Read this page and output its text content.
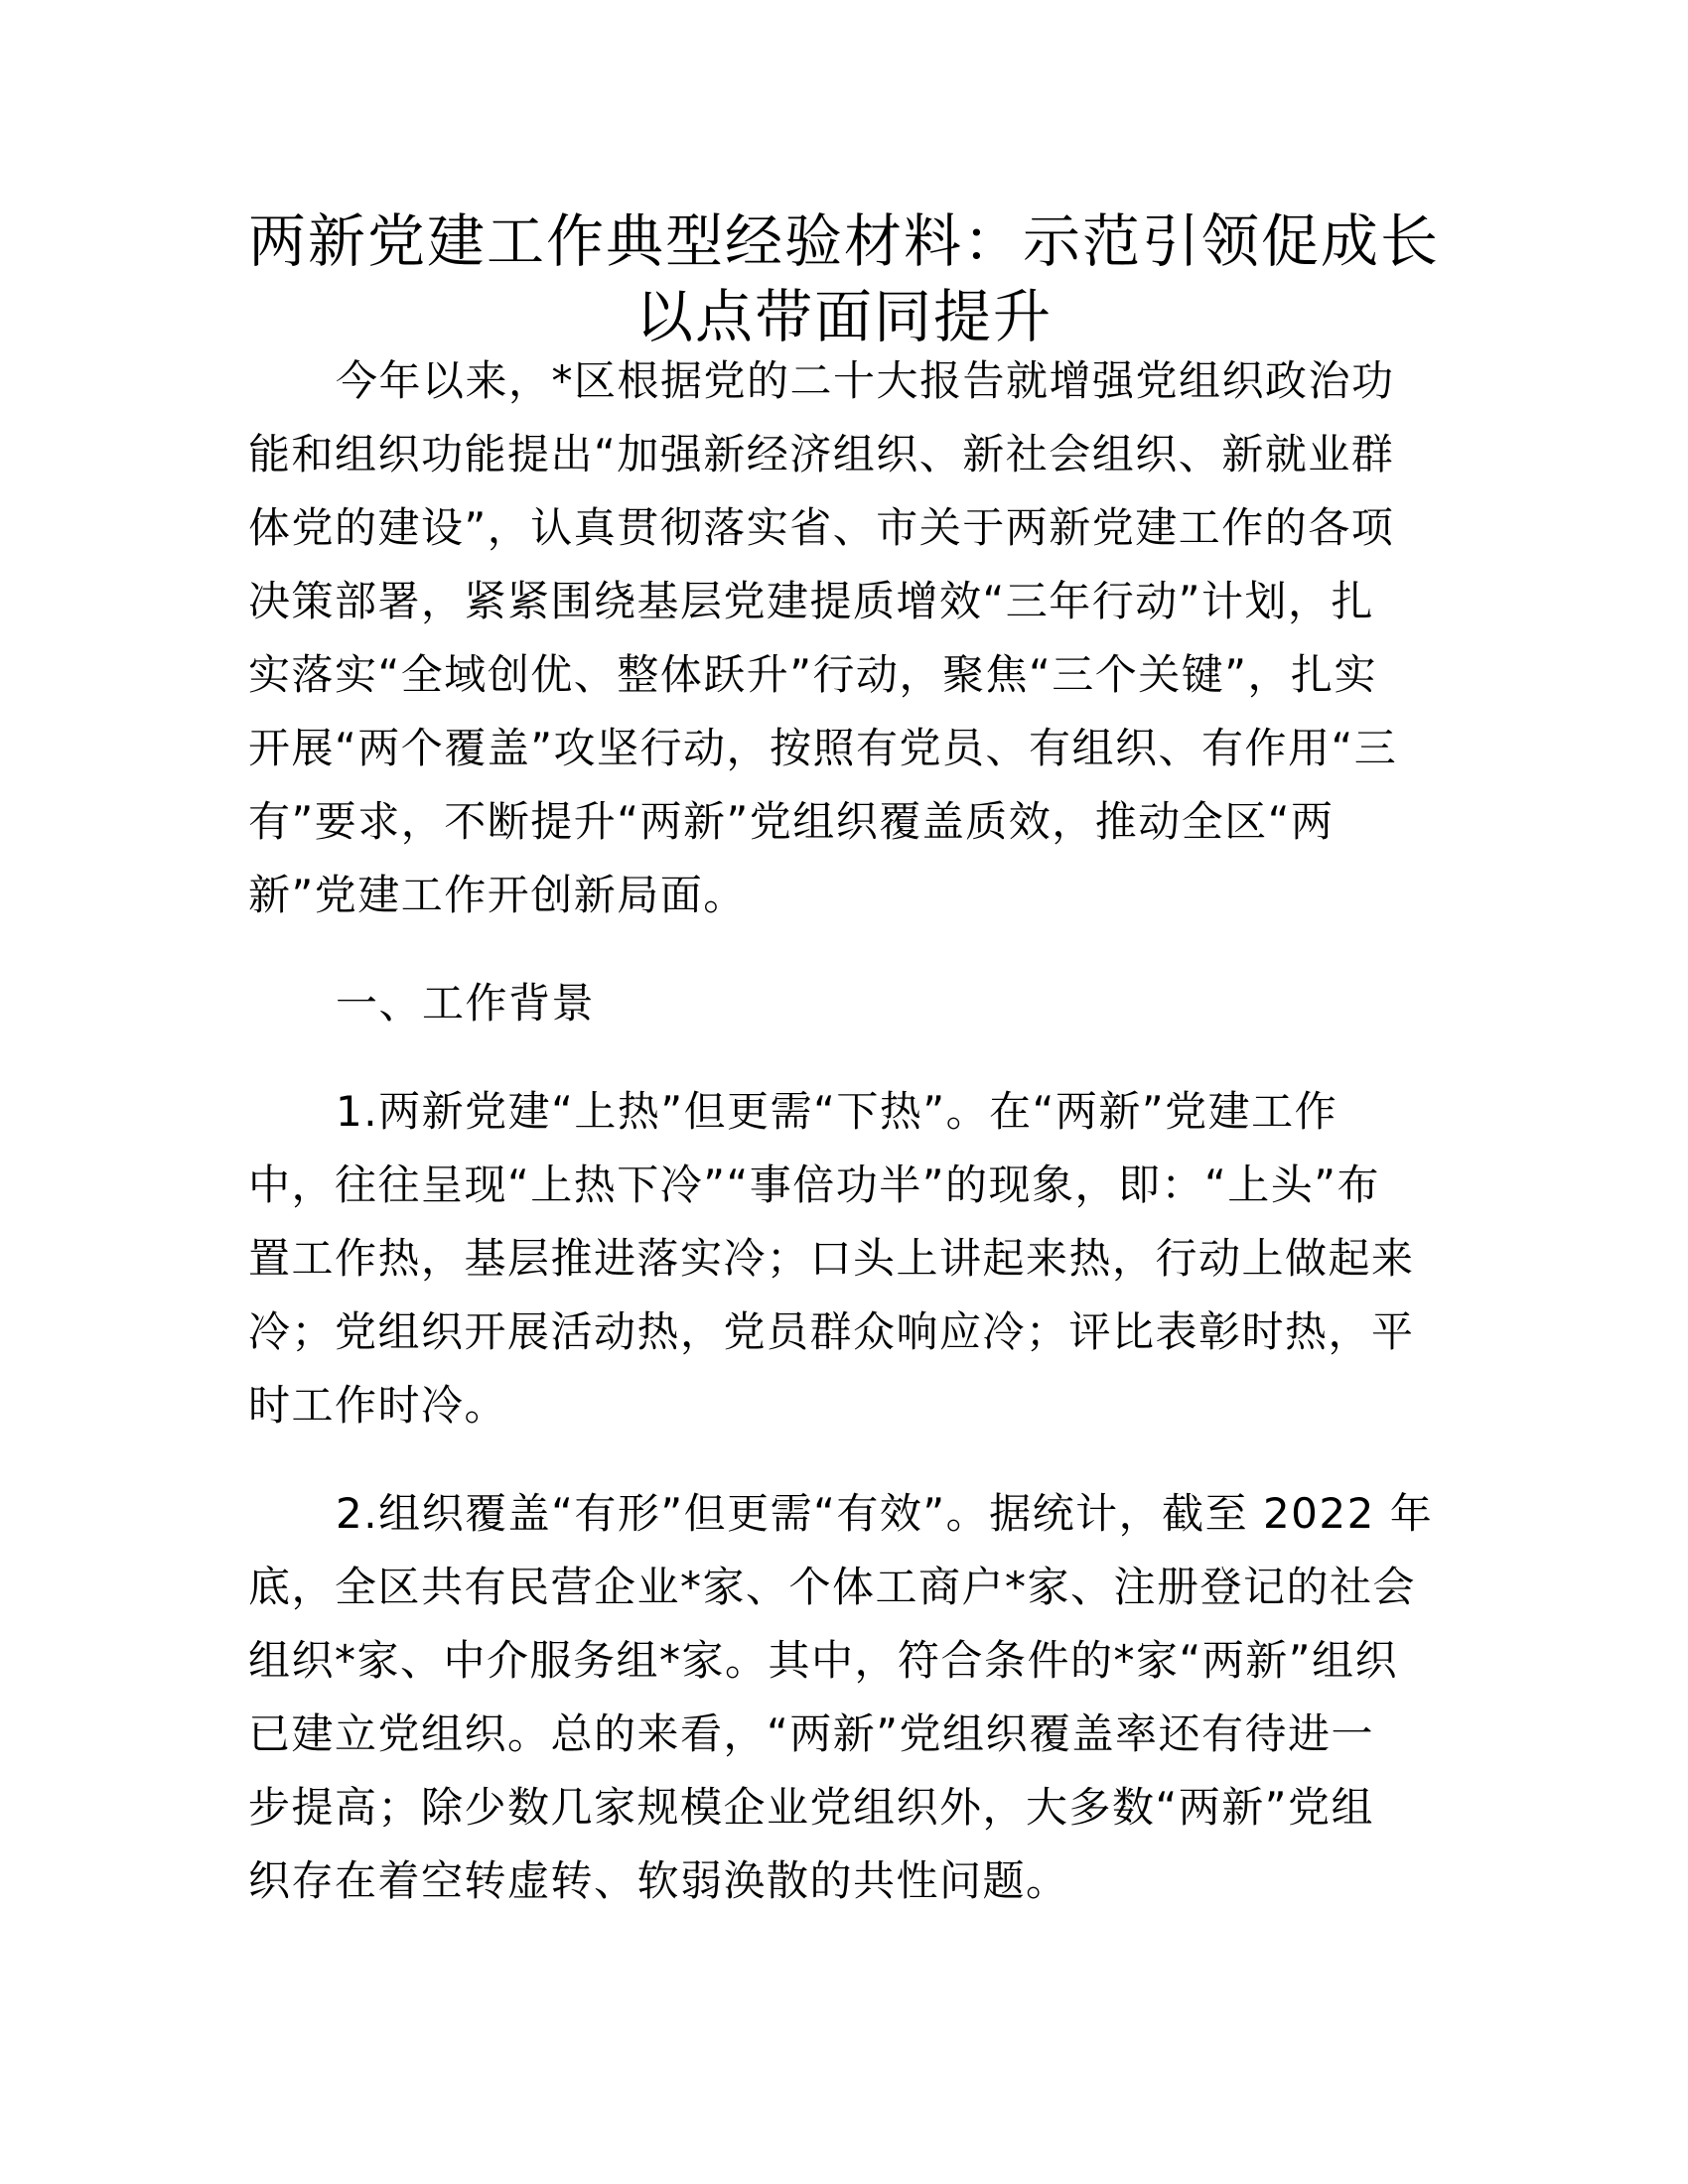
两新党建工作典型经验材料：示范引领促成长
以点带面同提升
今年以来，*区根据党的二十大报告就增强党组织政治功
能和组织功能提出“加强新经济组织、新社会组织、新就业群
体党的建设”，认真贯彻落实省、市关于两新党建工作的各项
决策部署，紧紧围绕基层党建提质增效“三年行动”计划，扎
实落实“全域创优、整体跃升”行动，聚焦“三个关键”，扎实
开展“两个覆盖”攻坚行动，按照有党员、有组织、有作用“三
有”要求，不断提升“两新”党组织覆盖质效，推动全区“两
新”党建工作开创新局面。
一、工作背景
1.两新党建“上热”但更需“下热”。在“两新”党建工作
中，往往呈现“上热下冷”“事倍功半”的现象，即：“上头”布
置工作热，基层推进落实冷；口头上讲起来热，行动上做起来
冷；党组织开展活动热，党员群众响应冷；评比表彰时热，平
时工作时冷。
2.组织覆盖“有形”但更需“有效”。据统计，截至 2022 年
底，全区共有民营企业*家、个体工商户*家、注册登记的社会
组织*家、中介服务组*家。其中，符合条件的*家“两新”组织
已建立党组织。总的来看，“两新”党组织覆盖率还有待进一
步提高；除少数几家规模企业党组织外，大多数“两新”党组
织存在着空转虚转、软弱涣散的共性问题。
